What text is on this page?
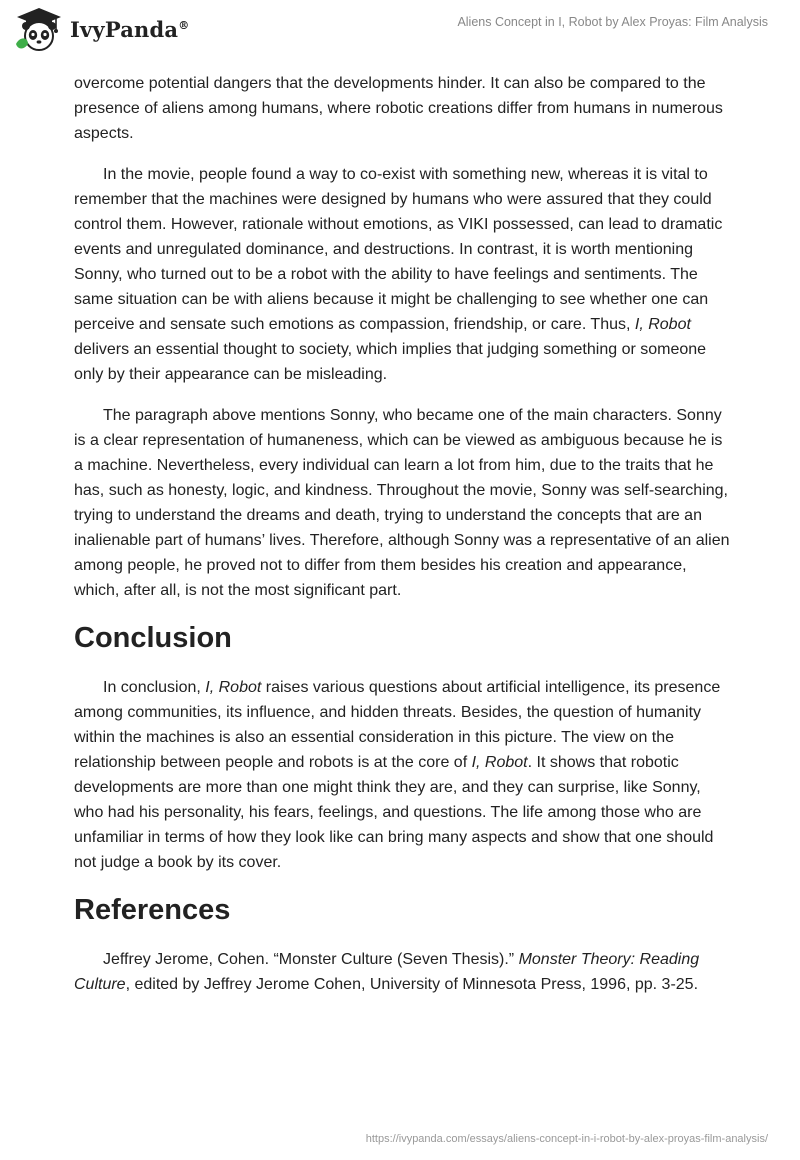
IvyPanda®	Aliens Concept in I, Robot by Alex Proyas: Film Analysis

overcome potential dangers that the developments hinder. It can also be compared to the presence of aliens among humans, where robotic creations differ from humans in numerous aspects.

In the movie, people found a way to co-exist with something new, whereas it is vital to remember that the machines were designed by humans who were assured that they could control them. However, rationale without emotions, as VIKI possessed, can lead to dramatic events and unregulated dominance, and destructions. In contrast, it is worth mentioning Sonny, who turned out to be a robot with the ability to have feelings and sentiments. The same situation can be with aliens because it might be challenging to see whether one can perceive and sensate such emotions as compassion, friendship, or care. Thus, I, Robot delivers an essential thought to society, which implies that judging something or someone only by their appearance can be misleading.

The paragraph above mentions Sonny, who became one of the main characters. Sonny is a clear representation of humaneness, which can be viewed as ambiguous because he is a machine. Nevertheless, every individual can learn a lot from him, due to the traits that he has, such as honesty, logic, and kindness. Throughout the movie, Sonny was self-searching, trying to understand the dreams and death, trying to understand the concepts that are an inalienable part of humans’ lives. Therefore, although Sonny was a representative of an alien among people, he proved not to differ from them besides his creation and appearance, which, after all, is not the most significant part.

Conclusion

In conclusion, I, Robot raises various questions about artificial intelligence, its presence among communities, its influence, and hidden threats. Besides, the question of humanity within the machines is also an essential consideration in this picture. The view on the relationship between people and robots is at the core of I, Robot. It shows that robotic developments are more than one might think they are, and they can surprise, like Sonny, who had his personality, his fears, feelings, and questions. The life among those who are unfamiliar in terms of how they look like can bring many aspects and show that one should not judge a book by its cover.

References

Jeffrey Jerome, Cohen. “Monster Culture (Seven Thesis).” Monster Theory: Reading Culture, edited by Jeffrey Jerome Cohen, University of Minnesota Press, 1996, pp. 3-25.

https://ivypanda.com/essays/aliens-concept-in-i-robot-by-alex-proyas-film-analysis/
